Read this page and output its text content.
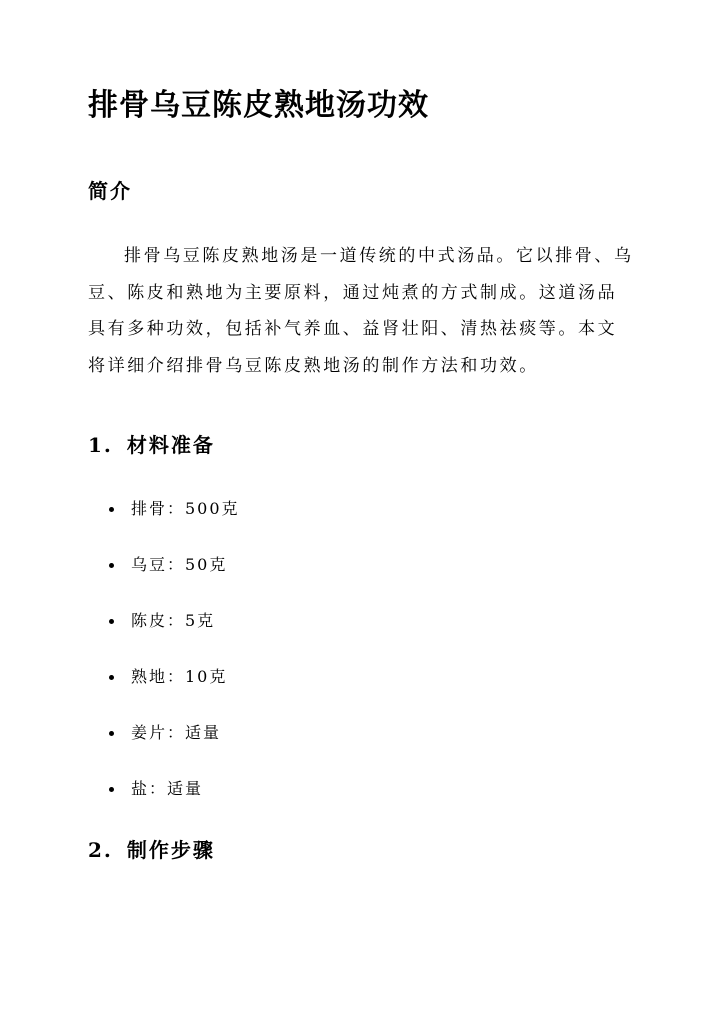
排骨乌豆陈皮熟地汤功效
简介

排骨乌豆陈皮熟地汤是一道传统的中式汤品。它以排骨、乌豆、陈皮和熟地为主要原料，通过炖煮的方式制成。这道汤品具有多种功效，包括补气养血、益肾壮阳、清热祛痰等。本文将详细介绍排骨乌豆陈皮熟地汤的制作方法和功效。

1. 材料准备
排骨：500克
乌豆：50克
陈皮：5克
熟地：10克
姜片：适量
盐：适量
2. 制作步骤
